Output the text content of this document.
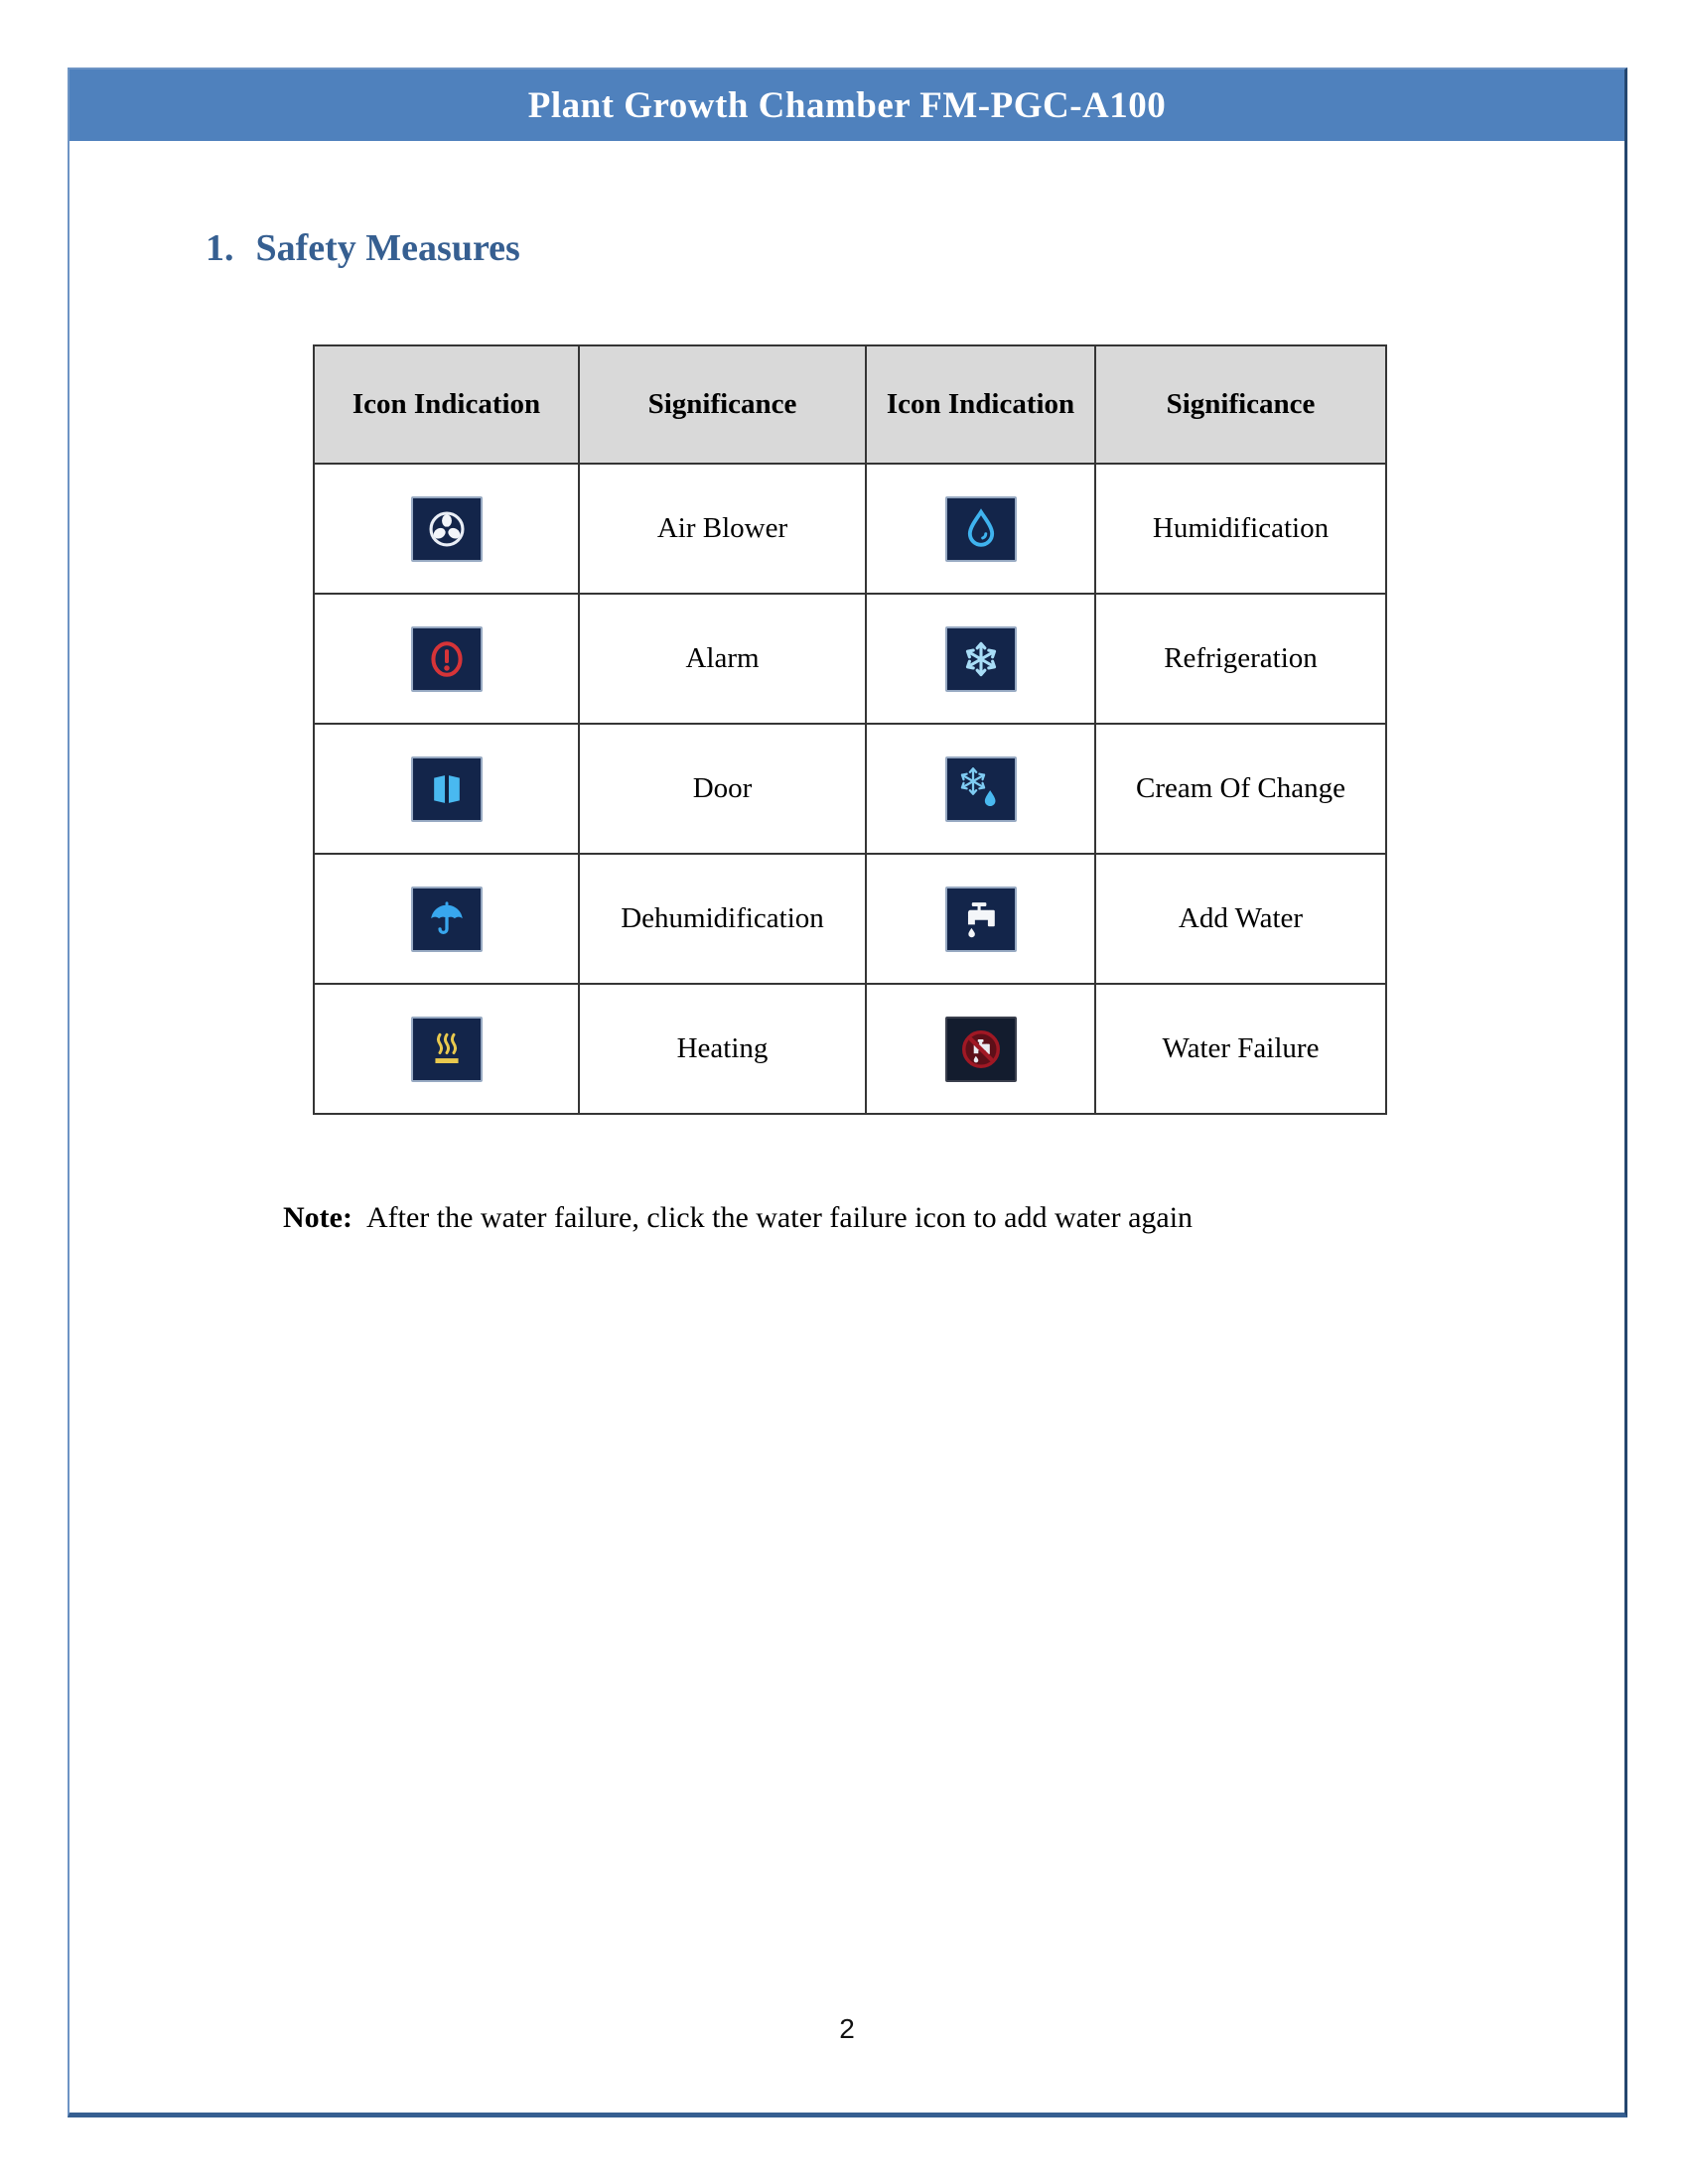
Plant Growth Chamber FM-PGC-A100
1. Safety Measures
Icon Indication	Significance	Icon Indication	Significance

	Air Blower		Humidification

	Alarm		Refrigeration

	Door		Cream Of Change

	Dehumidification		Add Water

	Heating		Water Failure
Note: After the water failure, click the water failure icon to add water again
2
